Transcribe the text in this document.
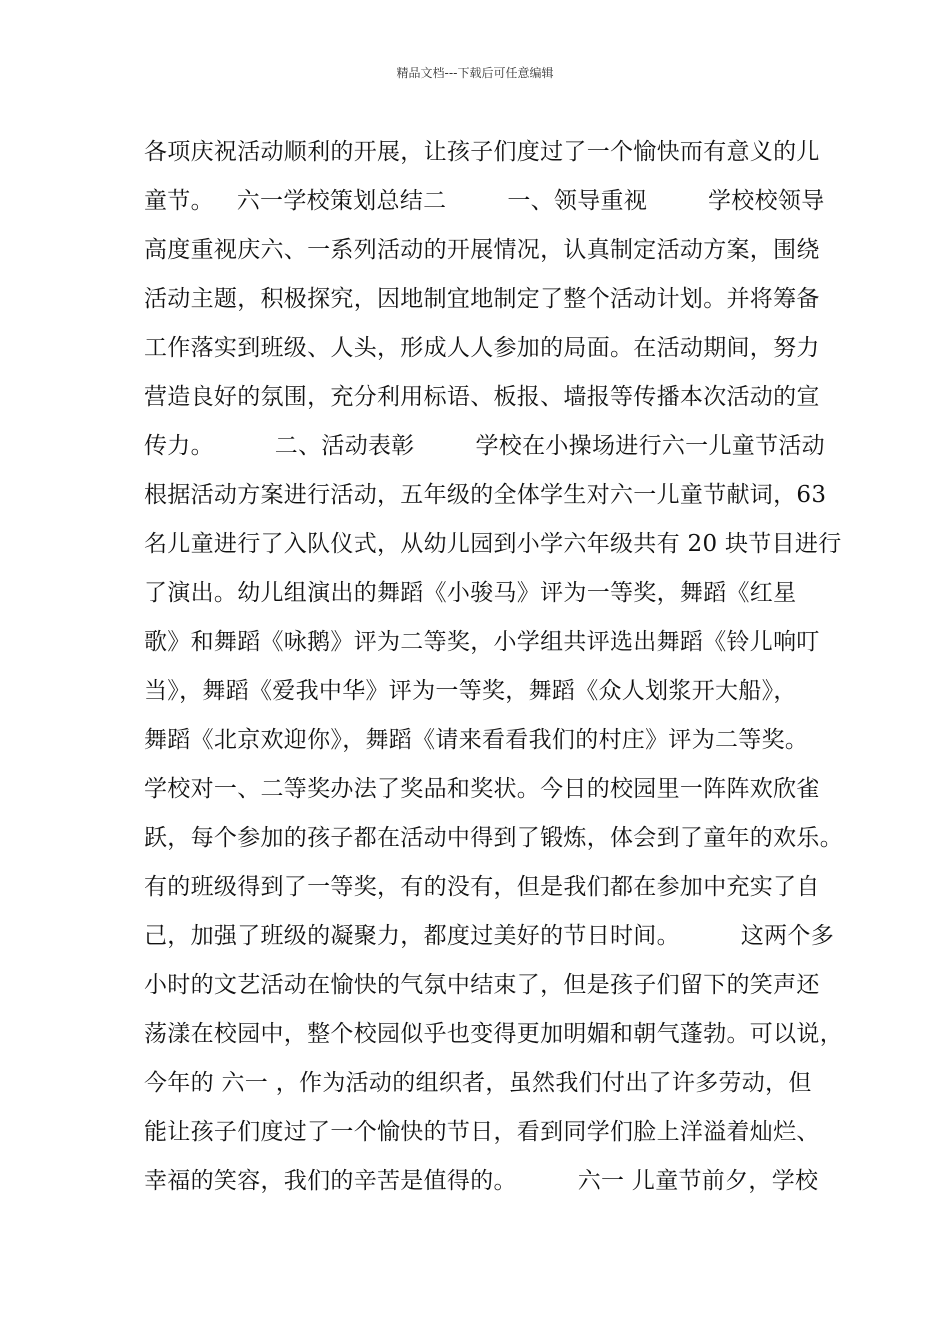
精品文档---下载后可任意编辑
各项庆祝活动顺利的开展，让孩子们度过了一个愉快而有意义的儿
童节。   六一学校策划总结二        一、领导重视        学校校领导
高度重视庆六、一系列活动的开展情况，认真制定活动方案，围绕
活动主题，积极探究，因地制宜地制定了整个活动计划。并将筹备
工作落实到班级、人头，形成人人参加的局面。在活动期间，努力
营造良好的氛围，充分利用标语、板报、墙报等传播本次活动的宣
传力。        二、活动表彰        学校在小操场进行六一儿童节活动
根据活动方案进行活动，五年级的全体学生对六一儿童节献词，63
名儿童进行了入队仪式，从幼儿园到小学六年级共有 20 块节目进行
了演出。幼儿组演出的舞蹈《小骏马》评为一等奖，舞蹈《红星
歌》和舞蹈《咏鹅》评为二等奖，小学组共评选出舞蹈《铃儿响叮
当》，舞蹈《爱我中华》评为一等奖，舞蹈《众人划浆开大船》，
舞蹈《北京欢迎你》，舞蹈《请来看看我们的村庄》评为二等奖。
学校对一、二等奖办法了奖品和奖状。今日的校园里一阵阵欢欣雀
跃，每个参加的孩子都在活动中得到了锻炼，体会到了童年的欢乐。
有的班级得到了一等奖，有的没有，但是我们都在参加中充实了自
己，加强了班级的凝聚力，都度过美好的节日时间。        这两个多
小时的文艺活动在愉快的气氛中结束了，但是孩子们留下的笑声还
荡漾在校园中，整个校园似乎也变得更加明媚和朝气蓬勃。可以说，
今年的 六一 ，作为活动的组织者，虽然我们付出了许多劳动，但
能让孩子们度过了一个愉快的节日，看到同学们脸上洋溢着灿烂、
幸福的笑容，我们的辛苦是值得的。        六一 儿童节前夕，学校
